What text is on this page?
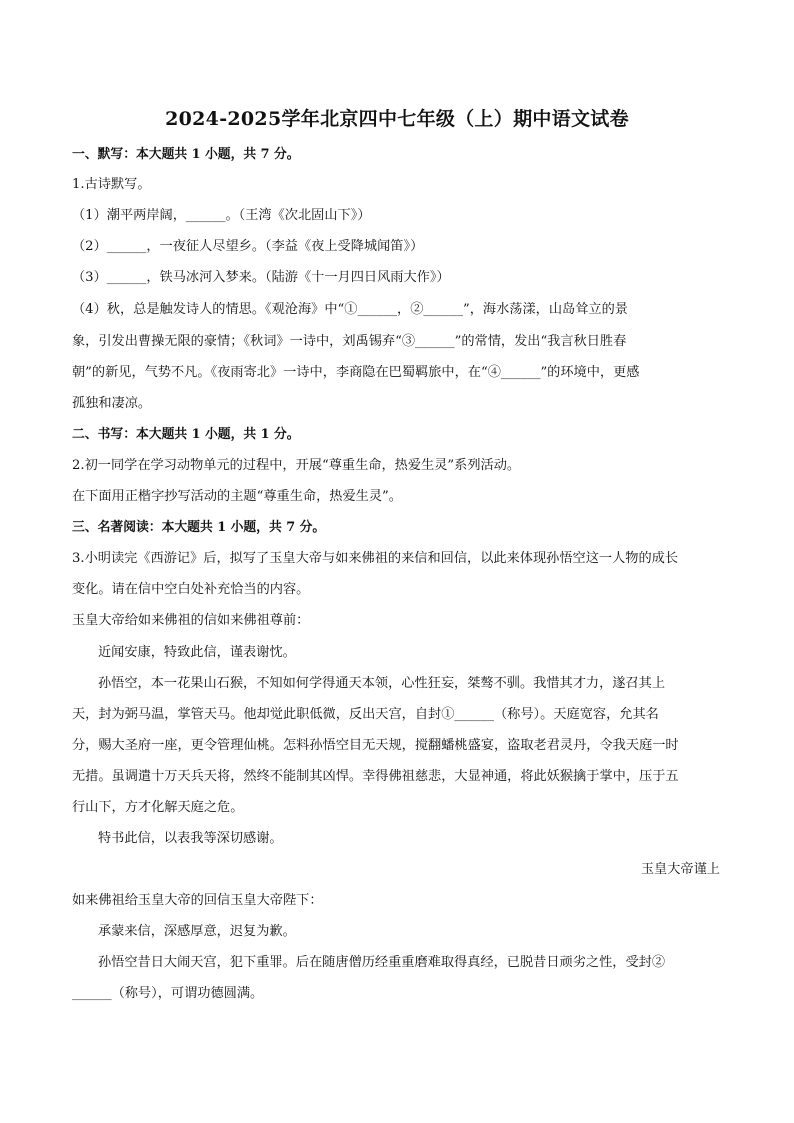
2024-2025学年北京四中七年级（上）期中语文试卷
一、默写：本大题共 1 小题，共 7 分。
1.古诗默写。
（1）潮平两岸阔，______。（王湾《次北固山下》）
（2）______，一夜征人尽望乡。（李益《夜上受降城闻笛》）
（3）______，铁马冰河入梦来。（陆游《十一月四日风雨大作》）
（4）秋，总是触发诗人的情思。《观沧海》中“①______，②______”，海水荡漾，山岛耸立的景
象，引发出曹操无限的豪情；《秋词》一诗中，刘禹锡弃“③______”的常情，发出“我言秋日胜春
朝”的新见，气势不凡。《夜雨寄北》一诗中，李商隐在巴蜀羁旅中，在“④______”的环境中，更感
孤独和凄凉。
二、书写：本大题共 1 小题，共 1 分。
2.初一同学在学习动物单元的过程中，开展“尊重生命，热爱生灵”系列活动。
在下面用正楷字抄写活动的主题“尊重生命，热爱生灵”。
三、名著阅读：本大题共 1 小题，共 7 分。
3.小明读完《西游记》后，拟写了玉皇大帝与如来佛祖的来信和回信，以此来体现孙悟空这一人物的成长
变化。请在信中空白处补充恰当的内容。
玉皇大帝给如来佛祖的信如来佛祖尊前：
近闻安康，特致此信，谨表谢忱。
孙悟空，本一花果山石猴，不知如何学得通天本领，心性狂妄，桀骜不驯。我惜其才力，遂召其上
天，封为弼马温，掌管天马。他却觉此职低微，反出天宫，自封①______（称号）。天庭宽容，允其名
分，赐大圣府一座，更令管理仙桃。怎料孙悟空目无天规，搅翻蟠桃盛宴，盗取老君灵丹，令我天庭一时
无措。虽调遣十万天兵天将，然终不能制其凶悍。幸得佛祖慈悲，大显神通，将此妖猴擒于掌中，压于五
行山下，方才化解天庭之危。
特书此信，以表我等深切感谢。
玉皇大帝谨上
如来佛祖给玉皇大帝的回信玉皇大帝陛下：
承蒙来信，深感厚意，迟复为歉。
孙悟空昔日大闹天宫，犯下重罪。后在随唐僧历经重重磨难取得真经，已脱昔日顽劣之性，受封②
______（称号），可谓功德圆满。
